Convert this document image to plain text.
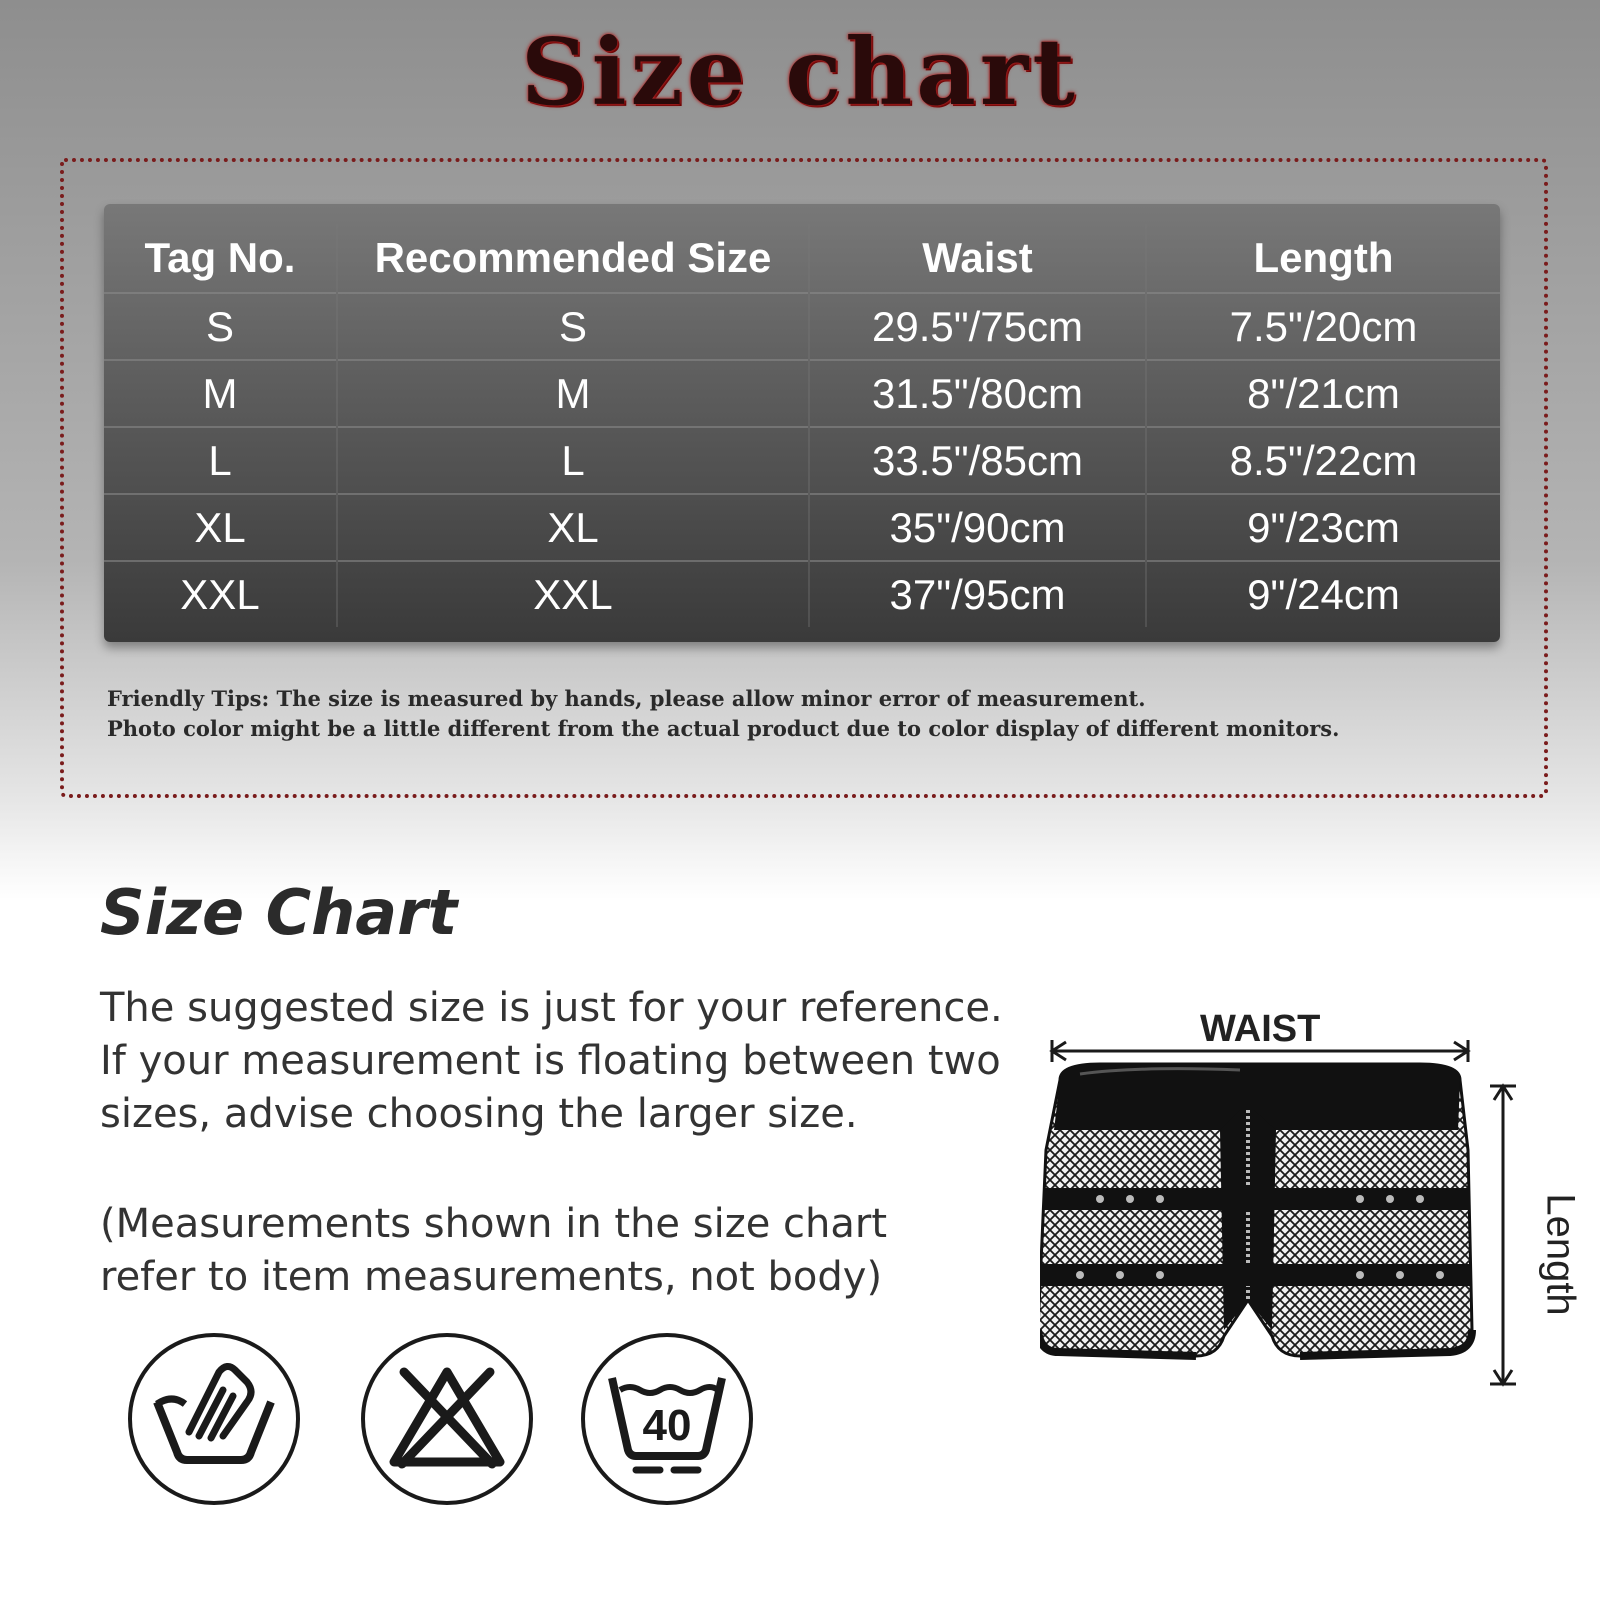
Size chart
Tag No.	Recommended Size	Waist	Length
S	S	29.5"/75cm	7.5"/20cm
M	M	31.5"/80cm	8"/21cm
L	L	33.5"/85cm	8.5"/22cm
XL	XL	35"/90cm	9"/23cm
XXL	XXL	37"/95cm	9"/24cm
Friendly Tips: The size is measured by hands, please allow minor error of measurement.
Photo color might be a little different from the actual product due to color display of different monitors.
Size Chart
The suggested size is just for your reference.
If your measurement is floating between two
sizes, advise choosing the larger size.
(Measurements shown in the size chart
refer to item measurements, not body)
40
WAIST
Length
